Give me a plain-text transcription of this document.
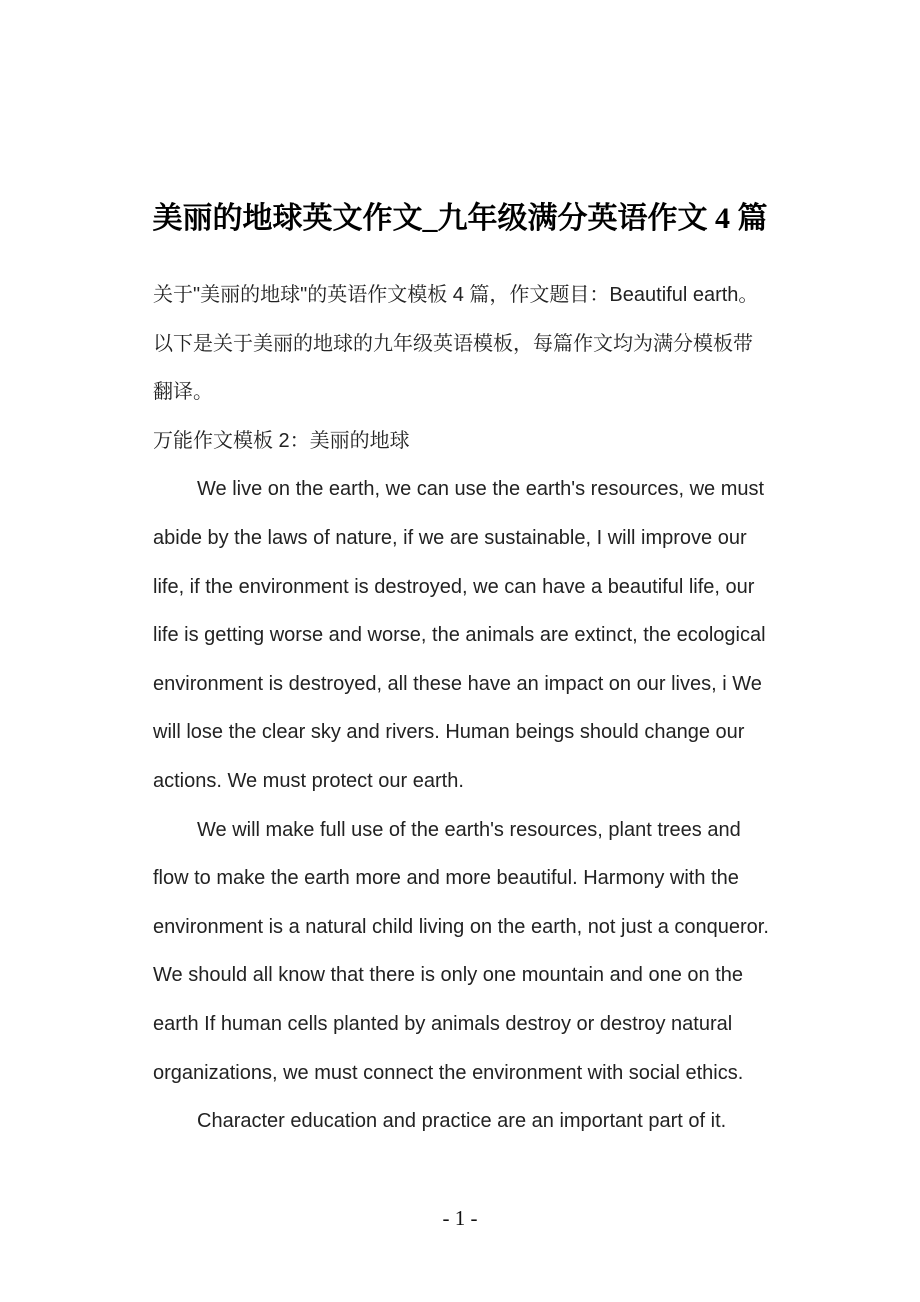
美丽的地球英文作文_九年级满分英语作文 4 篇
关于"美丽的地球"的英语作文模板 4 篇，作文题目：Beautiful earth。
以下是关于美丽的地球的九年级英语模板，每篇作文均为满分模板带
翻译。
万能作文模板 2：美丽的地球
We live on the earth, we can use the earth's resources, we must
abide by the laws of nature, if we are sustainable, I will improve our
life, if the environment is destroyed, we can have a beautiful life, our
life is getting worse and worse, the animals are extinct, the ecological
environment is destroyed, all these have an impact on our lives, i We
will lose the clear sky and rivers. Human beings should change our
actions. We must protect our earth.
We will make full use of the earth's resources, plant trees and
flow to make the earth more and more beautiful. Harmony with the
environment is a natural child living on the earth, not just a conqueror.
We should all know that there is only one mountain and one on the
earth If human cells planted by animals destroy or destroy natural
organizations, we must connect the environment with social ethics.
Character education and practice are an important part of it.
- 1 -
